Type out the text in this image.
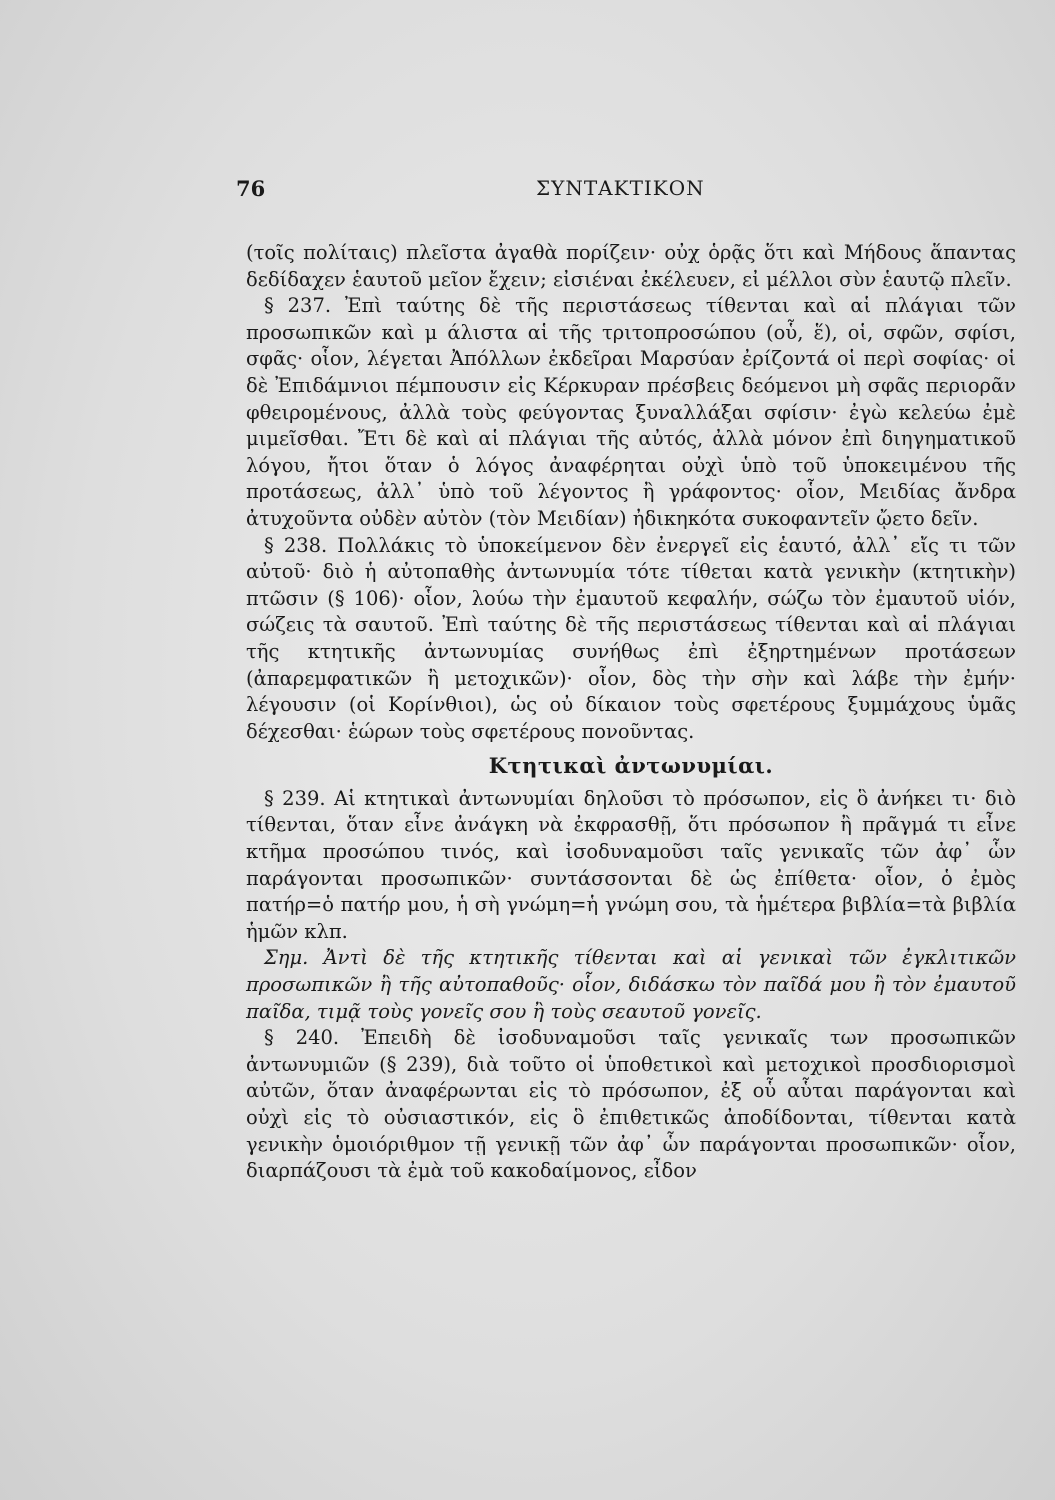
76	ΣΥΝΤΑΚΤΙΚΟΝ

(τοῖς πολίταις) πλεῖστα ἀγαθὰ πορίζειν· οὐχ ὁρᾷς ὅτι καὶ Μήδους ἅπαντας δεδίδαχεν ἑαυτοῦ μεῖον ἔχειν; εἰσιέναι ἐκέλευεν, εἰ μέλλοι σὺν ἑαυτῷ πλεῖν.

§ 237. Ἐπὶ ταύτης δὲ τῆς περιστάσεως τίθενται καὶ αἱ πλάγιαι τῶν προσωπικῶν καὶ μ άλιστα αἱ τῆς τριτοπροσώπου (οὗ, ἕ), οἱ, σφῶν, σφίσι, σφᾶς· οἷον, λέγεται Ἀπόλλων ἐκδεῖραι Μαρσύαν ἐρίζοντά οἱ περὶ σοφίας· οἱ δὲ Ἐπιδάμνιοι πέμπουσιν εἰς Κέρκυραν πρέσβεις δεόμενοι μὴ σφᾶς περιορᾶν φθειρομένους, ἀλλὰ τοὺς φεύγοντας ξυναλλάξαι σφίσιν· ἐγὼ κελεύω ἐμὲ μιμεῖσθαι. Ἔτι δὲ καὶ αἱ πλάγιαι τῆς αὐτός, ἀλλὰ μόνον ἐπὶ διηγηματικοῦ λόγου, ἤτοι ὅταν ὁ λόγος ἀναφέρηται οὐχὶ ὑπὸ τοῦ ὑποκειμένου τῆς προτάσεως, ἀλλ᾽ ὑπὸ τοῦ λέγοντος ἢ γράφοντος· οἷον, Μειδίας ἄνδρα ἀτυχοῦντα οὐδὲν αὐτὸν (τὸν Μειδίαν) ἠδικηκότα συκοφαντεῖν ᾤετο δεῖν.

§ 238. Πολλάκις τὸ ὑποκείμενον δὲν ἐνεργεῖ εἰς ἑαυτό, ἀλλ᾽ εἴς τι τῶν αὐτοῦ· διὸ ἡ αὐτοπαθὴς ἀντωνυμία τότε τίθεται κατὰ γενικὴν (κτητικὴν) πτῶσιν (§ 106)· οἷον, λούω τὴν ἐμαυτοῦ κεφαλήν, σώζω τὸν ἐμαυτοῦ υἱόν, σώζεις τὰ σαυτοῦ. Ἐπὶ ταύτης δὲ τῆς περιστάσεως τίθενται καὶ αἱ πλάγιαι τῆς κτητικῆς ἀντωνυμίας συνήθως ἐπὶ ἐξηρτημένων προτάσεων (ἀπαρεμφατικῶν ἢ μετοχικῶν)· οἷον, δὸς τὴν σὴν καὶ λάβε τὴν ἐμήν· λέγουσιν (οἱ Κορίνθιοι), ὡς οὐ δίκαιον τοὺς σφετέρους ξυμμάχους ὑμᾶς δέχεσθαι· ἑώρων τοὺς σφετέρους πονοῦντας.

Κτητικαὶ ἀντωνυμίαι.

§ 239. Αἱ κτητικαὶ ἀντωνυμίαι δηλοῦσι τὸ πρόσωπον, εἰς ὃ ἀνήκει τι· διὸ τίθενται, ὅταν εἶνε ἀνάγκη νὰ ἐκφρασθῇ, ὅτι πρόσωπον ἢ πρᾶγμά τι εἶνε κτῆμα προσώπου τινός, καὶ ἰσοδυναμοῦσι ταῖς γενικαῖς τῶν ἀφ᾽ ὧν παράγονται προσωπικῶν· συντάσσονται δὲ ὡς ἐπίθετα· οἷον, ὁ ἐμὸς πατήρ=ὁ πατήρ μου, ἡ σὴ γνώμη=ἡ γνώμη σου, τὰ ἡμέτερα βιβλία=τὰ βιβλία ἡμῶν κλπ.

Σημ. Ἀντὶ δὲ τῆς κτητικῆς τίθενται καὶ αἱ γενικαὶ τῶν ἐγκλιτικῶν προσωπικῶν ἢ τῆς αὐτοπαθοῦς· οἷον, διδάσκω τὸν παῖδά μου ἢ τὸν ἐμαυτοῦ παῖδα, τιμᾷ τοὺς γονεῖς σου ἢ τοὺς σεαυτοῦ γονεῖς.

§ 240. Ἐπειδὴ δὲ ἰσοδυναμοῦσι ταῖς γενικαῖς των προσωπικῶν ἀντωνυμιῶν (§ 239), διὰ τοῦτο οἱ ὑποθετικοὶ καὶ μετοχικοὶ προσδιορισμοὶ αὐτῶν, ὅταν ἀναφέρωνται εἰς τὸ πρόσωπον, ἐξ οὗ αὗται παράγονται καὶ οὐχὶ εἰς τὸ οὐσιαστικόν, εἰς ὃ ἐπιθετικῶς ἀποδίδονται, τίθενται κατὰ γενικὴν ὁμοιόριθμον τῇ γενικῇ τῶν ἀφ᾽ ὧν παράγονται προσωπικῶν· οἷον, διαρπάζουσι τὰ ἐμὰ τοῦ κακοδαίμονος, εἶδον
